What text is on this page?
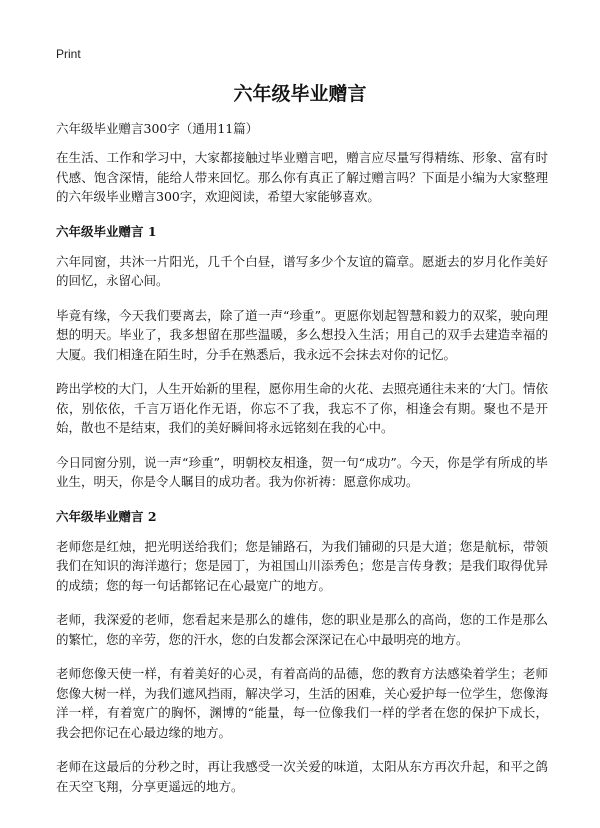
Print
六年级毕业赠言

六年级毕业赠言300字（通用11篇）

在生活、工作和学习中，大家都接触过毕业赠言吧，赠言应尽量写得精练、形象、富有时代感、饱含深情，能给人带来回忆。那么你有真正了解过赠言吗？下面是小编为大家整理的六年级毕业赠言300字，欢迎阅读，希望大家能够喜欢。

六年级毕业赠言 1

六年同窗，共沐一片阳光，几千个白昼，谱写多少个友谊的篇章。愿逝去的岁月化作美好的回忆，永留心间。

毕竟有缘，今天我们要离去，除了道一声“珍重”。更愿你划起智慧和毅力的双桨，驶向理想的明天。毕业了，我多想留在那些温暖，多么想投入生活；用自己的双手去建造幸福的大厦。我们相逢在陌生时，分手在熟悉后，我永远不会抹去对你的记忆。

跨出学校的大门，人生开始新的里程，愿你用生命的火花、去照亮通往未来的‘大门。情依依，别依依，千言万语化作无语，你忘不了我，我忘不了你，相逢会有期。聚也不是开始，散也不是结束，我们的美好瞬间将永远铭刻在我的心中。

今日同窗分别，说一声“珍重”，明朝校友相逢，贺一句“成功”。今天，你是学有所成的毕业生，明天，你是令人瞩目的成功者。我为你祈祷：愿意你成功。

六年级毕业赠言 2

老师您是红烛，把光明送给我们；您是铺路石，为我们铺砌的只是大道；您是航标，带领我们在知识的海洋遨行；您是园丁，为祖国山川添秀色；您是言传身教；是我们取得优异的成绩；您的每一句话都铭记在心最宽广的地方。

老师，我深爱的老师，您看起来是那么的雄伟，您的职业是那么的高尚，您的工作是那么的繁忙，您的辛劳，您的汗水，您的白发都会深深记在心中最明亮的地方。

老师您像天使一样，有着美好的心灵，有着高尚的品德，您的教育方法感染着学生；老师您像大树一样，为我们遮风挡雨，解决学习，生活的困难，关心爱护每一位学生，您像海洋一样，有着宽广的胸怀，渊博的“能量，每一位像我们一样的学者在您的保护下成长，我会把你记在心最边缘的地方。

老师在这最后的分秒之时，再让我感受一次关爱的味道，太阳从东方再次升起，和平之鸽在天空飞翔，分享更遥远的地方。
